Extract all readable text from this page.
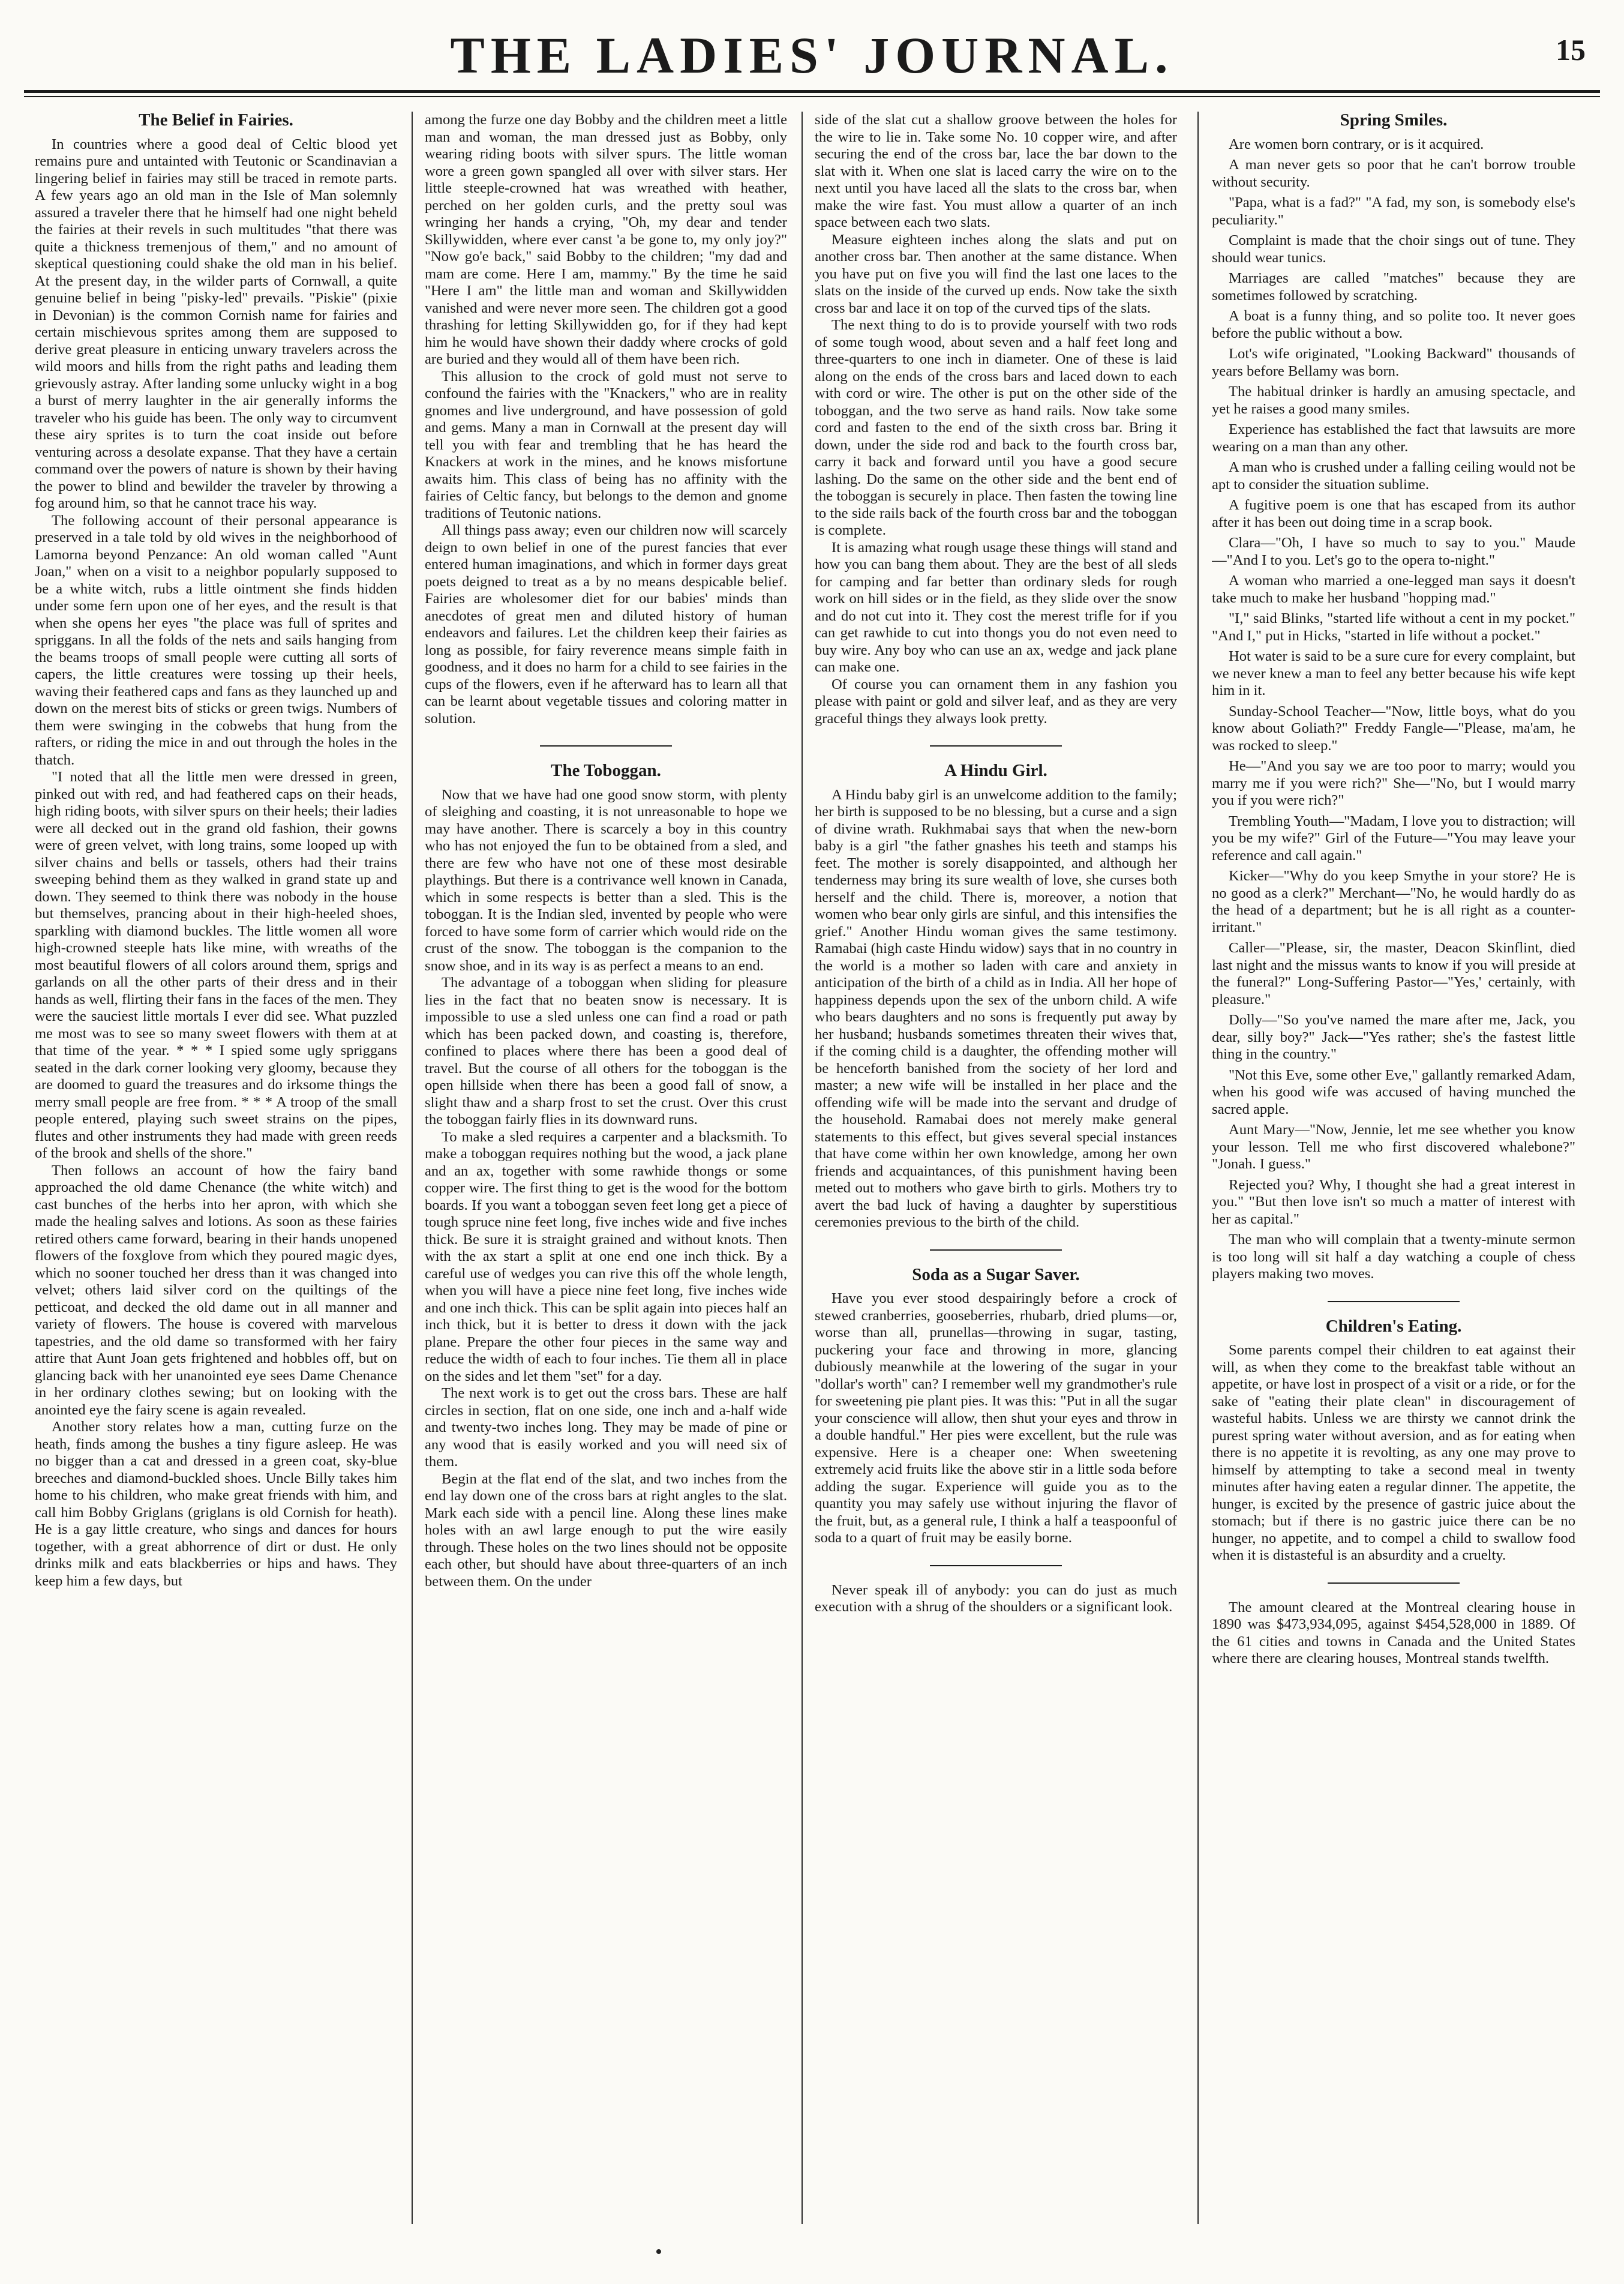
THE LADIES' JOURNAL.	15
The Belief in Fairies.

In countries where a good deal of Celtic blood yet remains pure and untainted with Teutonic or Scandinavian a lingering belief in fairies may still be traced in remote parts. A few years ago an old man in the Isle of Man solemnly assured a traveler there that he himself had one night beheld the fairies at their revels in such multitudes "that there was quite a thickness tremenjous of them," and no amount of skeptical questioning could shake the old man in his belief. At the present day, in the wilder parts of Cornwall, a quite genuine belief in being "pisky-led" prevails. "Piskie" (pixie in Devonian) is the common Cornish name for fairies and certain mischievous sprites among them are supposed to derive great pleasure in enticing unwary travelers across the wild moors and hills from the right paths and leading them grievously astray. After landing some unlucky wight in a bog a burst of merry laughter in the air generally informs the traveler who his guide has been. The only way to circumvent these airy sprites is to turn the coat inside out before venturing across a desolate expanse. That they have a certain command over the powers of nature is shown by their having the power to blind and bewilder the traveler by throwing a fog around him, so that he cannot trace his way.

The following account of their personal appearance is preserved in a tale told by old wives in the neighborhood of Lamorna beyond Penzance: An old woman called "Aunt Joan," when on a visit to a neighbor popularly supposed to be a white witch, rubs a little ointment she finds hidden under some fern upon one of her eyes, and the result is that when she opens her eyes "the place was full of sprites and spriggans. In all the folds of the nets and sails hanging from the beams troops of small people were cutting all sorts of capers, the little creatures were tossing up their heels, waving their feathered caps and fans as they launched up and down on the merest bits of sticks or green twigs. Numbers of them were swinging in the cobwebs that hung from the rafters, or riding the mice in and out through the holes in the thatch.

"I noted that all the little men were dressed in green, pinked out with red, and had feathered caps on their heads, high riding boots, with silver spurs on their heels; their ladies were all decked out in the grand old fashion, their gowns were of green velvet, with long trains, some looped up with silver chains and bells or tassels, others had their trains sweeping behind them as they walked in grand state up and down. They seemed to think there was nobody in the house but themselves, prancing about in their high-heeled shoes, sparkling with diamond buckles. The little women all wore high-crowned steeple hats like mine, with wreaths of the most beautiful flowers of all colors around them, sprigs and garlands on all the other parts of their dress and in their hands as well, flirting their fans in the faces of the men. They were the sauciest little mortals I ever did see. What puzzled me most was to see so many sweet flowers with them at at that time of the year. * * * I spied some ugly spriggans seated in the dark corner looking very gloomy, because they are doomed to guard the treasures and do irksome things the merry small people are free from. * * * A troop of the small people entered, playing such sweet strains on the pipes, flutes and other instruments they had made with green reeds of the brook and shells of the shore."

Then follows an account of how the fairy band approached the old dame Chenance (the white witch) and cast bunches of the herbs into her apron, with which she made the healing salves and lotions. As soon as these fairies retired others came forward, bearing in their hands unopened flowers of the foxglove from which they poured magic dyes, which no sooner touched her dress than it was changed into velvet; others laid silver cord on the quiltings of the petticoat, and decked the old dame out in all manner and variety of flowers. The house is covered with marvelous tapestries, and the old dame so transformed with her fairy attire that Aunt Joan gets frightened and hobbles off, but on glancing back with her unanointed eye sees Dame Chenance in her ordinary clothes sewing; but on looking with the anointed eye the fairy scene is again revealed.

Another story relates how a man, cutting furze on the heath, finds among the bushes a tiny figure asleep. He was no bigger than a cat and dressed in a green coat, sky-blue breeches and diamond-buckled shoes. Uncle Billy takes him home to his children, who make great friends with him, and call him Bobby Griglans (griglans is old Cornish for heath). He is a gay little creature, who sings and dances for hours together, with a great abhorrence of dirt or dust. He only drinks milk and eats blackberries or hips and haws. They keep him a few days, but

among the furze one day Bobby and the children meet a little man and woman, the man dressed just as Bobby, only wearing riding boots with silver spurs. The little woman wore a green gown spangled all over with silver stars. Her little steeple-crowned hat was wreathed with heather, perched on her golden curls, and the pretty soul was wringing her hands a crying, "Oh, my dear and tender Skillywidden, where ever canst 'a be gone to, my only joy?" "Now go'e back," said Bobby to the children; "my dad and mam are come. Here I am, mammy." By the time he said "Here I am" the little man and woman and Skillywidden vanished and were never more seen. The children got a good thrashing for letting Skillywidden go, for if they had kept him he would have shown their daddy where crocks of gold are buried and they would all of them have been rich.

This allusion to the crock of gold must not serve to confound the fairies with the "Knackers," who are in reality gnomes and live underground, and have possession of gold and gems. Many a man in Cornwall at the present day will tell you with fear and trembling that he has heard the Knackers at work in the mines, and he knows misfortune awaits him. This class of being has no affinity with the fairies of Celtic fancy, but belongs to the demon and gnome traditions of Teutonic nations.

All things pass away; even our children now will scarcely deign to own belief in one of the purest fancies that ever entered human imaginations, and which in former days great poets deigned to treat as a by no means despicable belief. Fairies are wholesomer diet for our babies' minds than anecdotes of great men and diluted history of human endeavors and failures. Let the children keep their fairies as long as possible, for fairy reverence means simple faith in goodness, and it does no harm for a child to see fairies in the cups of the flowers, even if he afterward has to learn all that can be learnt about vegetable tissues and coloring matter in solution.

The Toboggan.

Now that we have had one good snow storm, with plenty of sleighing and coasting, it is not unreasonable to hope we may have another. There is scarcely a boy in this country who has not enjoyed the fun to be obtained from a sled, and there are few who have not one of these most desirable playthings. But there is a contrivance well known in Canada, which in some respects is better than a sled. This is the toboggan. It is the Indian sled, invented by people who were forced to have some form of carrier which would ride on the crust of the snow. The toboggan is the companion to the snow shoe, and in its way is as perfect a means to an end.

The advantage of a toboggan when sliding for pleasure lies in the fact that no beaten snow is necessary. It is impossible to use a sled unless one can find a road or path which has been packed down, and coasting is, therefore, confined to places where there has been a good deal of travel. But the course of all others for the toboggan is the open hillside when there has been a good fall of snow, a slight thaw and a sharp frost to set the crust. Over this crust the toboggan fairly flies in its downward runs.

To make a sled requires a carpenter and a blacksmith. To make a toboggan requires nothing but the wood, a jack plane and an ax, together with some rawhide thongs or some copper wire. The first thing to get is the wood for the bottom boards. If you want a toboggan seven feet long get a piece of tough spruce nine feet long, five inches wide and five inches thick. Be sure it is straight grained and without knots. Then with the ax start a split at one end one inch thick. By a careful use of wedges you can rive this off the whole length, when you will have a piece nine feet long, five inches wide and one inch thick. This can be split again into pieces half an inch thick, but it is better to dress it down with the jack plane. Prepare the other four pieces in the same way and reduce the width of each to four inches. Tie them all in place on the sides and let them "set" for a day.

The next work is to get out the cross bars. These are half circles in section, flat on one side, one inch and a-half wide and twenty-two inches long. They may be made of pine or any wood that is easily worked and you will need six of them.

Begin at the flat end of the slat, and two inches from the end lay down one of the cross bars at right angles to the slat. Mark each side with a pencil line. Along these lines make holes with an awl large enough to put the wire easily through. These holes on the two lines should not be opposite each other, but should have about three-quarters of an inch between them. On the under

side of the slat cut a shallow groove between the holes for the wire to lie in. Take some No. 10 copper wire, and after securing the end of the cross bar, lace the bar down to the slat with it. When one slat is laced carry the wire on to the next until you have laced all the slats to the cross bar, when make the wire fast. You must allow a quarter of an inch space between each two slats.

Measure eighteen inches along the slats and put on another cross bar. Then another at the same distance. When you have put on five you will find the last one laces to the slats on the inside of the curved up ends. Now take the sixth cross bar and lace it on top of the curved tips of the slats.

The next thing to do is to provide yourself with two rods of some tough wood, about seven and a half feet long and three-quarters to one inch in diameter. One of these is laid along on the ends of the cross bars and laced down to each with cord or wire. The other is put on the other side of the toboggan, and the two serve as hand rails. Now take some cord and fasten to the end of the sixth cross bar. Bring it down, under the side rod and back to the fourth cross bar, carry it back and forward until you have a good secure lashing. Do the same on the other side and the bent end of the toboggan is securely in place. Then fasten the towing line to the side rails back of the fourth cross bar and the toboggan is complete.

It is amazing what rough usage these things will stand and how you can bang them about. They are the best of all sleds for camping and far better than ordinary sleds for rough work on hill sides or in the field, as they slide over the snow and do not cut into it. They cost the merest trifle for if you can get rawhide to cut into thongs you do not even need to buy wire. Any boy who can use an ax, wedge and jack plane can make one.

Of course you can ornament them in any fashion you please with paint or gold and silver leaf, and as they are very graceful things they always look pretty.

A Hindu Girl.

A Hindu baby girl is an unwelcome addition to the family; her birth is supposed to be no blessing, but a curse and a sign of divine wrath. Rukhmabai says that when the new-born baby is a girl "the father gnashes his teeth and stamps his feet. The mother is sorely disappointed, and although her tenderness may bring its sure wealth of love, she curses both herself and the child. There is, moreover, a notion that women who bear only girls are sinful, and this intensifies the grief." Another Hindu woman gives the same testimony. Ramabai (high caste Hindu widow) says that in no country in the world is a mother so laden with care and anxiety in anticipation of the birth of a child as in India. All her hope of happiness depends upon the sex of the unborn child. A wife who bears daughters and no sons is frequently put away by her husband; husbands sometimes threaten their wives that, if the coming child is a daughter, the offending mother will be henceforth banished from the society of her lord and master; a new wife will be installed in her place and the offending wife will be made into the servant and drudge of the household. Ramabai does not merely make general statements to this effect, but gives several special instances that have come within her own knowledge, among her own friends and acquaintances, of this punishment having been meted out to mothers who gave birth to girls. Mothers try to avert the bad luck of having a daughter by superstitious ceremonies previous to the birth of the child.

Soda as a Sugar Saver.

Have you ever stood despairingly before a crock of stewed cranberries, gooseberries, rhubarb, dried plums—or, worse than all, prunellas—throwing in sugar, tasting, puckering your face and throwing in more, glancing dubiously meanwhile at the lowering of the sugar in your "dollar's worth" can? I remember well my grandmother's rule for sweetening pie plant pies. It was this: "Put in all the sugar your conscience will allow, then shut your eyes and throw in a double handful." Her pies were excellent, but the rule was expensive. Here is a cheaper one: When sweetening extremely acid fruits like the above stir in a little soda before adding the sugar. Experience will guide you as to the quantity you may safely use without injuring the flavor of the fruit, but, as a general rule, I think a half a teaspoonful of soda to a quart of fruit may be easily borne.

Never speak ill of anybody: you can do just as much execution with a shrug of the shoulders or a significant look.

Spring Smiles.

Are women born contrary, or is it acquired.

A man never gets so poor that he can't borrow trouble without security.

"Papa, what is a fad?" "A fad, my son, is somebody else's peculiarity."

Complaint is made that the choir sings out of tune. They should wear tunics.

Marriages are called "matches" because they are sometimes followed by scratching.

A boat is a funny thing, and so polite too. It never goes before the public without a bow.

Lot's wife originated, "Looking Backward" thousands of years before Bellamy was born.

The habitual drinker is hardly an amusing spectacle, and yet he raises a good many smiles.

Experience has established the fact that lawsuits are more wearing on a man than any other.

A man who is crushed under a falling ceiling would not be apt to consider the situation sublime.

A fugitive poem is one that has escaped from its author after it has been out doing time in a scrap book.

Clara—"Oh, I have so much to say to you." Maude—"And I to you. Let's go to the opera to-night."

A woman who married a one-legged man says it doesn't take much to make her husband "hopping mad."

"I," said Blinks, "started life without a cent in my pocket." "And I," put in Hicks, "started in life without a pocket."

Hot water is said to be a sure cure for every complaint, but we never knew a man to feel any better because his wife kept him in it.

Sunday-School Teacher—"Now, little boys, what do you know about Goliath?" Freddy Fangle—"Please, ma'am, he was rocked to sleep."

He—"And you say we are too poor to marry; would you marry me if you were rich?" She—"No, but I would marry you if you were rich?"

Trembling Youth—"Madam, I love you to distraction; will you be my wife?" Girl of the Future—"You may leave your reference and call again."

Kicker—"Why do you keep Smythe in your store? He is no good as a clerk?" Merchant—"No, he would hardly do as the head of a department; but he is all right as a counter-irritant."

Caller—"Please, sir, the master, Deacon Skinflint, died last night and the missus wants to know if you will preside at the funeral?" Long-Suffering Pastor—"Yes,' certainly, with pleasure."

Dolly—"So you've named the mare after me, Jack, you dear, silly boy?" Jack—"Yes rather; she's the fastest little thing in the country."

"Not this Eve, some other Eve," gallantly remarked Adam, when his good wife was accused of having munched the sacred apple.

Aunt Mary—"Now, Jennie, let me see whether you know your lesson. Tell me who first discovered whalebone?" "Jonah. I guess."

Rejected you? Why, I thought she had a great interest in you." "But then love isn't so much a matter of interest with her as capital."

The man who will complain that a twenty-minute sermon is too long will sit half a day watching a couple of chess players making two moves.

Children's Eating.

Some parents compel their children to eat against their will, as when they come to the breakfast table without an appetite, or have lost in prospect of a visit or a ride, or for the sake of "eating their plate clean" in discouragement of wasteful habits. Unless we are thirsty we cannot drink the purest spring water without aversion, and as for eating when there is no appetite it is revolting, as any one may prove to himself by attempting to take a second meal in twenty minutes after having eaten a regular dinner. The appetite, the hunger, is excited by the presence of gastric juice about the stomach; but if there is no gastric juice there can be no hunger, no appetite, and to compel a child to swallow food when it is distasteful is an absurdity and a cruelty.

The amount cleared at the Montreal clearing house in 1890 was $473,934,095, against $454,528,000 in 1889. Of the 61 cities and towns in Canada and the United States where there are clearing houses, Montreal stands twelfth.
